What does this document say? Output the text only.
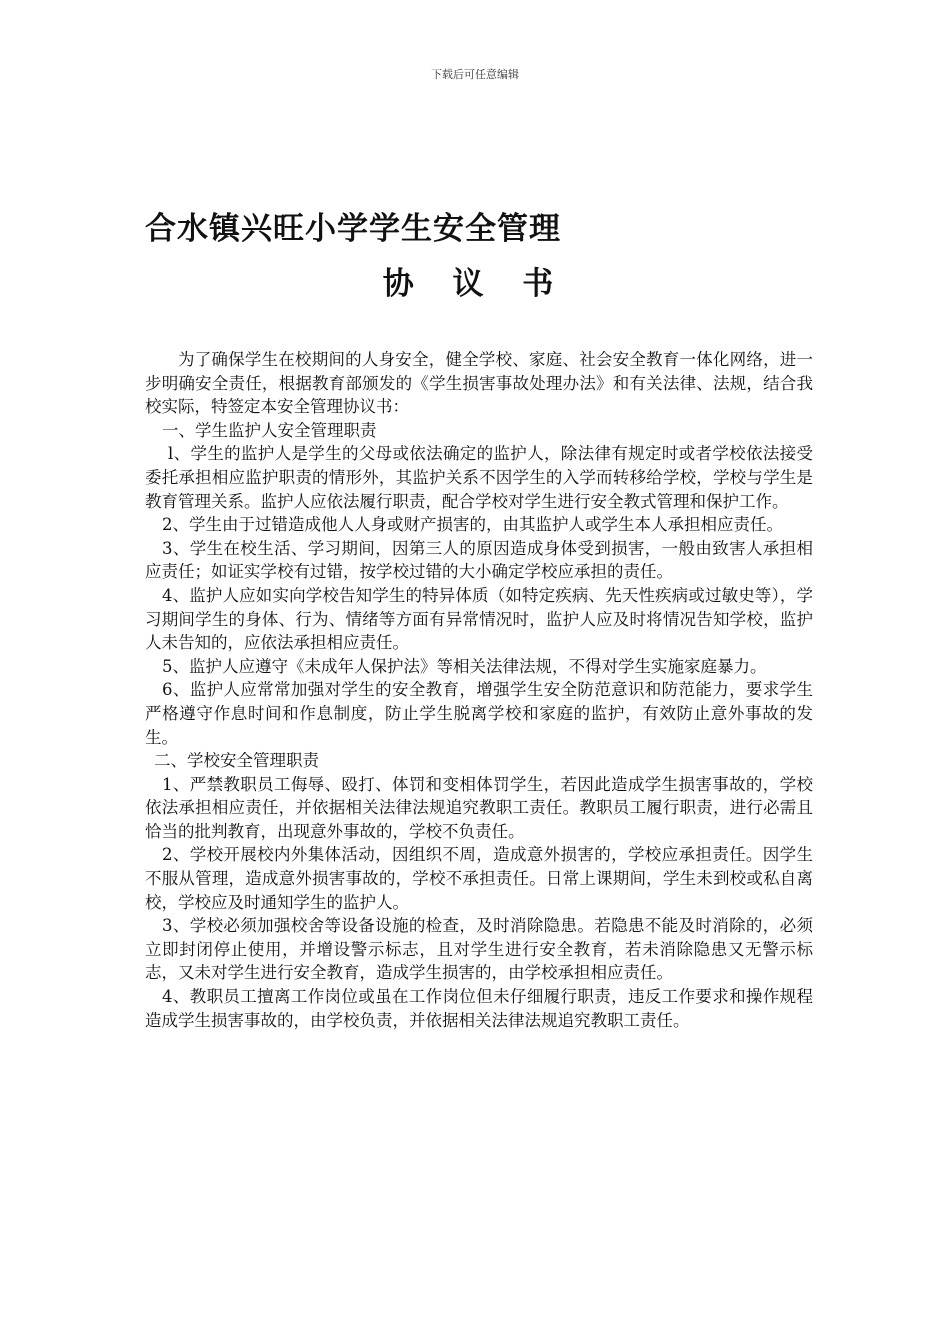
下载后可任意编辑
合水镇兴旺小学学生安全管理
协 议 书

为了确保学生在校期间的人身安全，健全学校、家庭、社会安全教育一体化网络，进一步明确安全责任，根据教育部颁发的《学生损害事故处理办法》和有关法律、法规，结合我校实际，特签定本安全管理协议书：

一、学生监护人安全管理职责

l、学生的监护人是学生的父母或依法确定的监护人，除法律有规定时或者学校依法接受委托承担相应监护职责的情形外，其监护关系不因学生的入学而转移给学校，学校与学生是教育管理关系。监护人应依法履行职责，配合学校对学生进行安全教式管理和保护工作。

2、学生由于过错造成他人人身或财产损害的，由其监护人或学生本人承担相应责任。

3、学生在校生活、学习期间，因第三人的原因造成身体受到损害，一般由致害人承担相应责任；如证实学校有过错，按学校过错的大小确定学校应承担的责任。

4、监护人应如实向学校告知学生的特异体质（如特定疾病、先天性疾病或过敏史等），学习期间学生的身体、行为、情绪等方面有异常情况时，监护人应及时将情况告知学校，监护人未告知的，应依法承担相应责任。

5、监护人应遵守《未成年人保护法》等相关法律法规，不得对学生实施家庭暴力。

6、监护人应常常加强对学生的安全教育，增强学生安全防范意识和防范能力，要求学生严格遵守作息时间和作息制度，防止学生脱离学校和家庭的监护，有效防止意外事故的发生。

二、学校安全管理职责

1、严禁教职员工侮辱、殴打、体罚和变相体罚学生，若因此造成学生损害事故的，学校依法承担相应责任，并依据相关法律法规追究教职工责任。教职员工履行职责，进行必需且恰当的批判教育，出现意外事故的，学校不负责任。

2、学校开展校内外集体活动，因组织不周，造成意外损害的，学校应承担责任。因学生不服从管理，造成意外损害事故的，学校不承担责任。日常上课期间，学生未到校或私自离校，学校应及时通知学生的监护人。

3、学校必须加强校舍等设备设施的检查，及时消除隐患。若隐患不能及时消除的，必须立即封闭停止使用，并增设警示标志，且对学生进行安全教育，若未消除隐患又无警示标志，又未对学生进行安全教育，造成学生损害的，由学校承担相应责任。

4、教职员工擅离工作岗位或虽在工作岗位但未仔细履行职责，违反工作要求和操作规程造成学生损害事故的，由学校负责，并依据相关法律法规追究教职工责任。
